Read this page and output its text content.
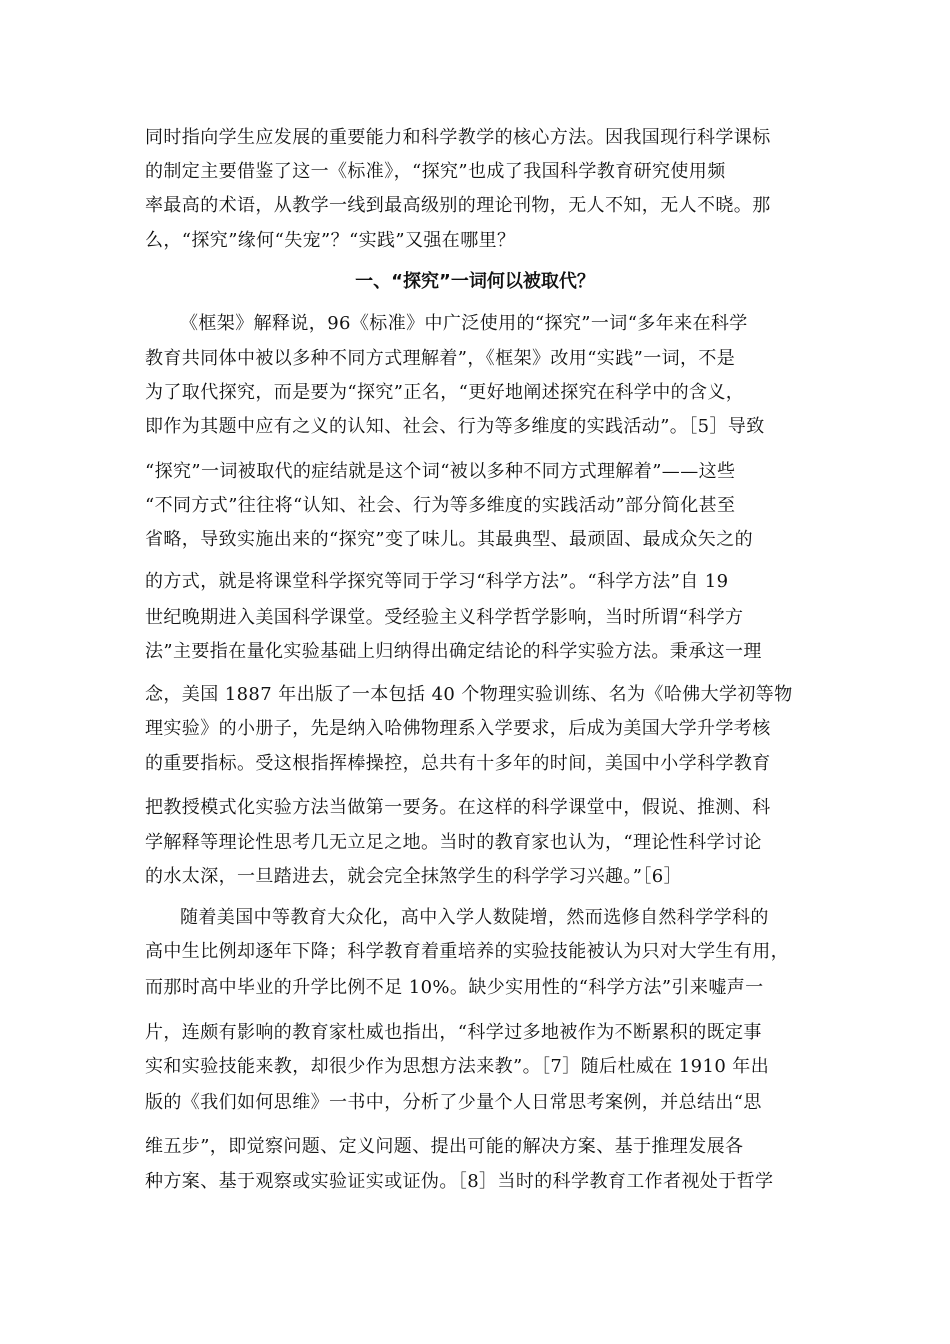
同时指向学生应发展的重要能力和科学教学的核心方法。因我国现行科学课标
的制定主要借鉴了这一《标准》，“探究”也成了我国科学教育研究使用频
率最高的术语，从教学一线到最高级别的理论刊物，无人不知，无人不晓。那
么，“探究”缘何“失宠”？“实践”又强在哪里？
一、“探究”一词何以被取代？
《框架》解释说，96《标准》中广泛使用的“探究”一词“多年来在科学
教育共同体中被以多种不同方式理解着”，《框架》改用“实践”一词，不是
为了取代探究，而是要为“探究”正名，“更好地阐述探究在科学中的含义，
即作为其题中应有之义的认知、社会、行为等多维度的实践活动”。［5］导致
“探究”一词被取代的症结就是这个词“被以多种不同方式理解着”——这些
“不同方式”往往将“认知、社会、行为等多维度的实践活动”部分简化甚至
省略，导致实施出来的“探究”变了味儿。其最典型、最顽固、最成众矢之的
的方式，就是将课堂科学探究等同于学习“科学方法”。“科学方法”自 19
世纪晚期进入美国科学课堂。受经验主义科学哲学影响，当时所谓“科学方
法”主要指在量化实验基础上归纳得出确定结论的科学实验方法。秉承这一理
念，美国 1887 年出版了一本包括 40 个物理实验训练、名为《哈佛大学初等物
理实验》的小册子，先是纳入哈佛物理系入学要求，后成为美国大学升学考核
的重要指标。受这根指挥棒操控，总共有十多年的时间，美国中小学科学教育
把教授模式化实验方法当做第一要务。在这样的科学课堂中，假说、推测、科
学解释等理论性思考几无立足之地。当时的教育家也认为，“理论性科学讨论
的水太深，一旦踏进去，就会完全抹煞学生的科学学习兴趣。”［6］
随着美国中等教育大众化，高中入学人数陡增，然而选修自然科学学科的
高中生比例却逐年下降；科学教育着重培养的实验技能被认为只对大学生有用，
而那时高中毕业的升学比例不足 10%。缺少实用性的“科学方法”引来嘘声一
片，连颇有影响的教育家杜威也指出，“科学过多地被作为不断累积的既定事
实和实验技能来教，却很少作为思想方法来教”。［7］随后杜威在 1910 年出
版的《我们如何思维》一书中，分析了少量个人日常思考案例，并总结出“思
维五步”，即觉察问题、定义问题、提出可能的解决方案、基于推理发展各
种方案、基于观察或实验证实或证伪。［8］当时的科学教育工作者视处于哲学
